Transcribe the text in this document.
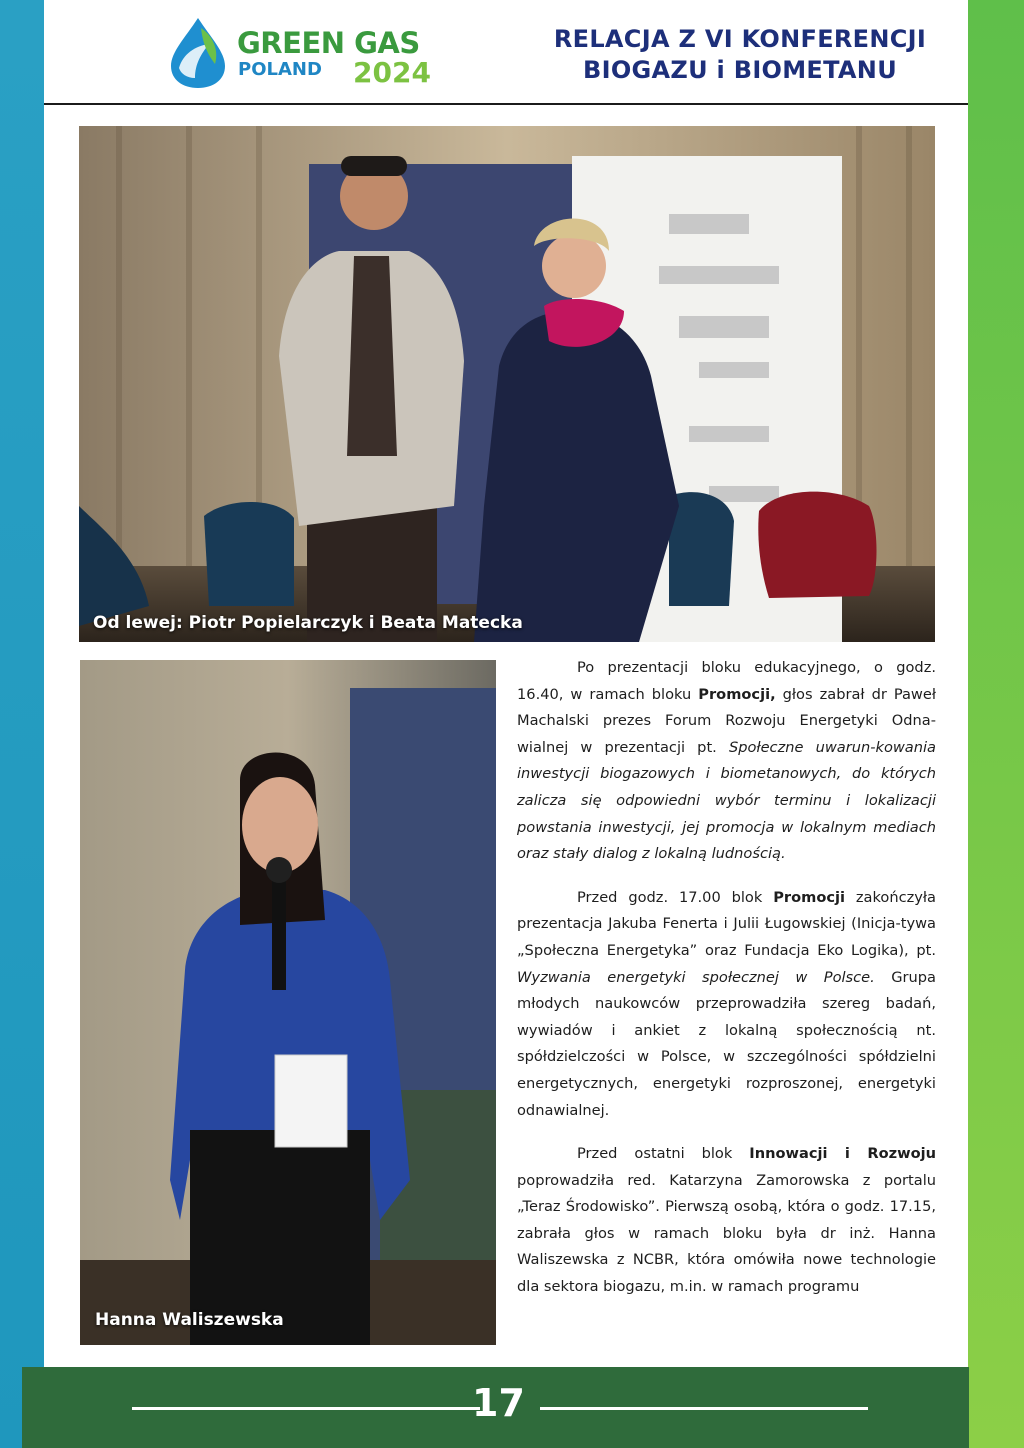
GREEN GAS
POLAND 2024
RELACJA Z VI KONFERENCJI
BIOGAZU i BIOMETANU
Od lewej: Piotr Popielarczyk i Beata Matecka
Hanna Waliszewska

Po prezentacji bloku edukacyjnego, o godz. 16.40, w ramach bloku Promocji, głos zabrał dr Paweł Machalski prezes Forum Rozwoju Energetyki Odna-wialnej w prezentacji pt. Społeczne uwarun-kowania inwestycji biogazowych i biometanowych, do których zalicza się odpowiedni wybór terminu i lokalizacji powstania inwestycji, jej promocja w lokalnym mediach oraz stały dialog z lokalną ludnością.

Przed godz. 17.00 blok Promocji zakończyła prezentacja Jakuba Fenerta i Julii Ługowskiej (Inicja-tywa „Społeczna Energetyka” oraz Fundacja Eko Logika), pt. Wyzwania energetyki społecznej w Polsce. Grupa młodych naukowców przeprowadziła szereg badań, wywiadów i ankiet z lokalną społecznością nt. spółdzielczości w Polsce, w szczególności spółdzielni energetycznych, energetyki rozproszonej, energetyki odnawialnej.

Przed ostatni blok Innowacji i Rozwoju poprowadziła red. Katarzyna Zamorowska z portalu „Teraz Środowisko”. Pierwszą osobą, która o godz. 17.15, zabrała głos w ramach bloku była dr inż. Hanna Waliszewska z NCBR, która omówiła nowe technologie dla sektora biogazu, m.in. w ramach programu

17
